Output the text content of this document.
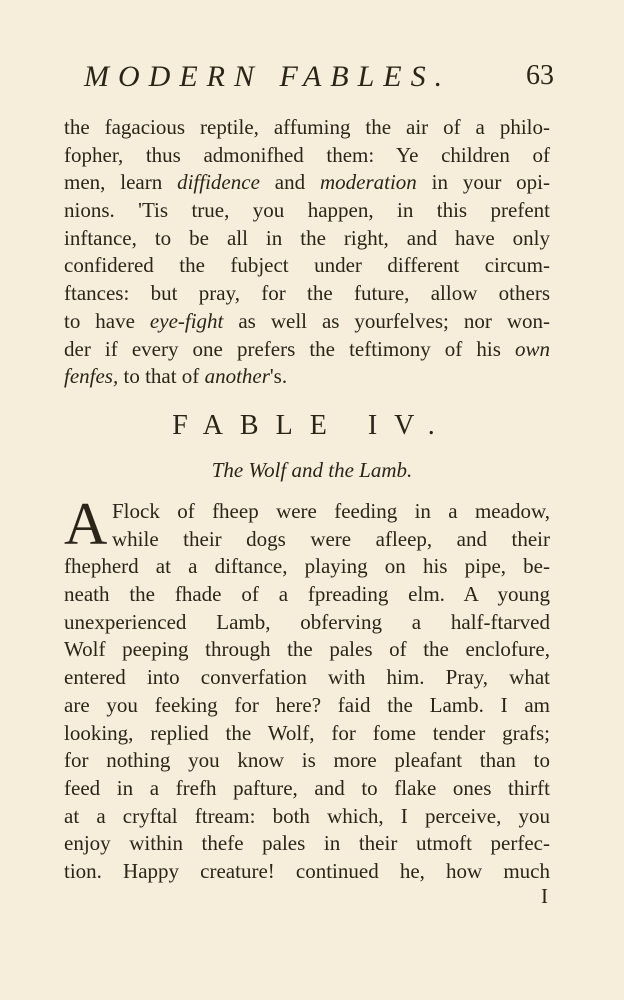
MODERN FABLES.	63
the fagacious reptile, affuming the air of a philo-
fopher, thus admonifhed them: Ye children of
men, learn diffidence and moderation in your opi-
nions. 'Tis true, you happen, in this prefent
inftance, to be all in the right, and have only
confidered the fubject under different circum-
ftances: but pray, for the future, allow others
to have eye-fight as well as yourfelves; nor won-
der if every one prefers the teftimony of his own
fenfes, to that of another's.
FABLE IV.
The Wolf and the Lamb.
A Flock of fheep were feeding in a meadow,
while their dogs were afleep, and their
fhepherd at a diftance, playing on his pipe, be-
neath the fhade of a fpreading elm. A young
unexperienced Lamb, obferving a half-ftarved
Wolf peeping through the pales of the enclofure,
entered into converfation with him. Pray, what
are you feeking for here? faid the Lamb. I am
looking, replied the Wolf, for fome tender grafs;
for nothing you know is more pleafant than to
feed in a frefh pafture, and to flake ones thirft
at a cryftal ftream: both which, I perceive, you
enjoy within thefe pales in their utmoft perfec-
tion. Happy creature! continued he, how much
I
